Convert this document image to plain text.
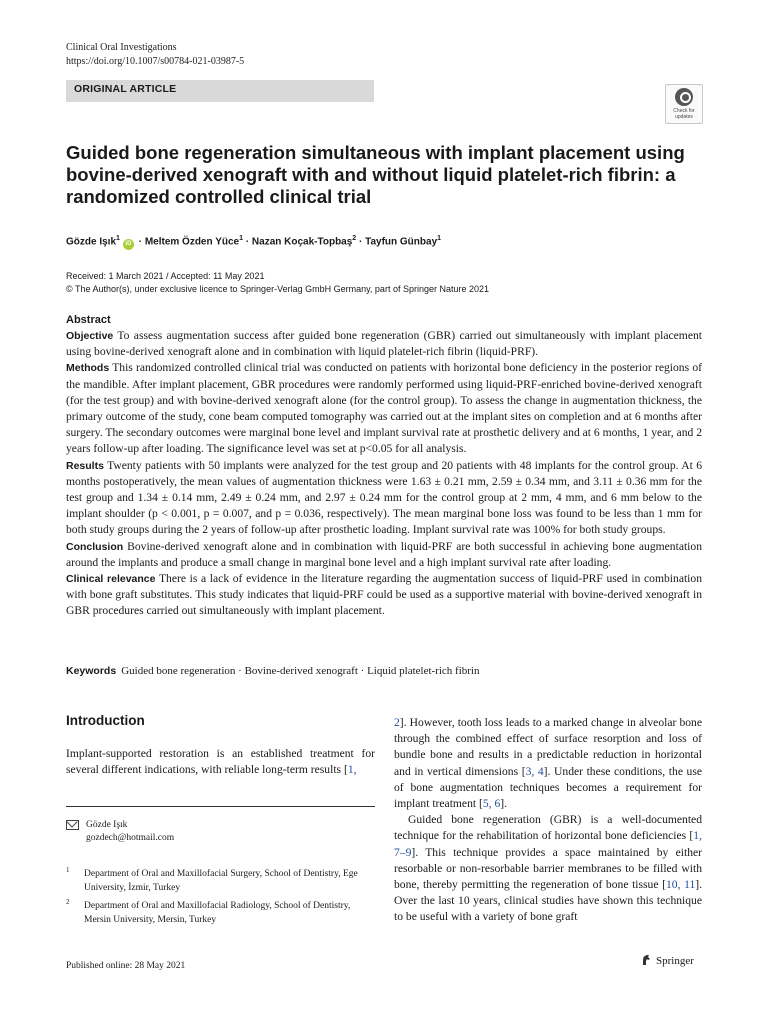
Clinical Oral Investigations
https://doi.org/10.1007/s00784-021-03987-5
ORIGINAL ARTICLE
Check for updates
Guided bone regeneration simultaneous with implant placement using bovine-derived xenograft with and without liquid platelet-rich fibrin: a randomized controlled clinical trial
Gözde Işık$^1$iD · Meltem Özden Yüce$^1$ · Nazan Koçak-Topbaş$^2$ · Tayfun Günbay$^1$
Received: 1 March 2021 / Accepted: 11 May 2021
© The Author(s), under exclusive licence to Springer-Verlag GmbH Germany, part of Springer Nature 2021
Abstract

Objective To assess augmentation success after guided bone regeneration (GBR) carried out simultaneously with implant placement using bovine-derived xenograft alone and in combination with liquid platelet-rich fibrin (liquid-PRF).

Methods This randomized controlled clinical trial was conducted on patients with horizontal bone deficiency in the posterior regions of the mandible. After implant placement, GBR procedures were randomly performed using liquid-PRF-enriched bovine-derived xenograft (for the test group) and with bovine-derived xenograft alone (for the control group). To assess the change in augmentation thickness, the primary outcome of the study, cone beam computed tomography was carried out at the implant sites on completion and at 6 months after surgery. The secondary outcomes were marginal bone level and implant survival rate at prosthetic delivery and at 6 months, 1 year, and 2 years follow-up after loading. The significance level was set at p<0.05 for all analysis.

Results Twenty patients with 50 implants were analyzed for the test group and 20 patients with 48 implants for the control group. At 6 months postoperatively, the mean values of augmentation thickness were 1.63 ± 0.21 mm, 2.59 ± 0.34 mm, and 3.11 ± 0.36 mm for the test group and 1.34 ± 0.14 mm, 2.49 ± 0.24 mm, and 2.97 ± 0.24 mm for the control group at 2 mm, 4 mm, and 6 mm below to the implant shoulder (p < 0.001, p = 0.007, and p = 0.036, respectively). The mean marginal bone loss was found to be less than 1 mm for both study groups during the 2 years of follow-up after prosthetic loading. Implant survival rate was 100% for both study groups.

Conclusion Bovine-derived xenograft alone and in combination with liquid-PRF are both successful in achieving bone augmentation around the implants and produce a small change in marginal bone level and a high implant survival rate after loading.

Clinical relevance There is a lack of evidence in the literature regarding the augmentation success of liquid-PRF used in combination with bone graft substitutes. This study indicates that liquid-PRF could be used as a supportive material with bovine-derived xenograft in GBR procedures carried out simultaneously with implant placement.

Keywords Guided bone regeneration · Bovine-derived xenograft · Liquid platelet-rich fibrin
Introduction
Implant-supported restoration is an established treatment for several different indications, with reliable long-term results [1,
Gözde Işık
gozdech@hotmail.com
1 Department of Oral and Maxillofacial Surgery, School of Dentistry, Ege University, İzmir, Turkey
2 Department of Oral and Maxillofacial Radiology, School of Dentistry, Mersin University, Mersin, Turkey
Published online: 28 May 2021	Springer

2]. However, tooth loss leads to a marked change in alveolar bone through the combined effect of surface resorption and loss of bundle bone and results in a predictable reduction in horizontal and in vertical dimensions [3, 4]. Under these conditions, the use of bone augmentation techniques becomes a requirement for implant treatment [5, 6].

Guided bone regeneration (GBR) is a well-documented technique for the rehabilitation of horizontal bone deficiencies [1, 7–9]. This technique provides a space maintained by either resorbable or non-resorbable barrier membranes to be filled with bone, thereby permitting the regeneration of bone tissue [10, 11]. Over the last 10 years, clinical studies have shown this technique to be useful with a variety of bone graft
